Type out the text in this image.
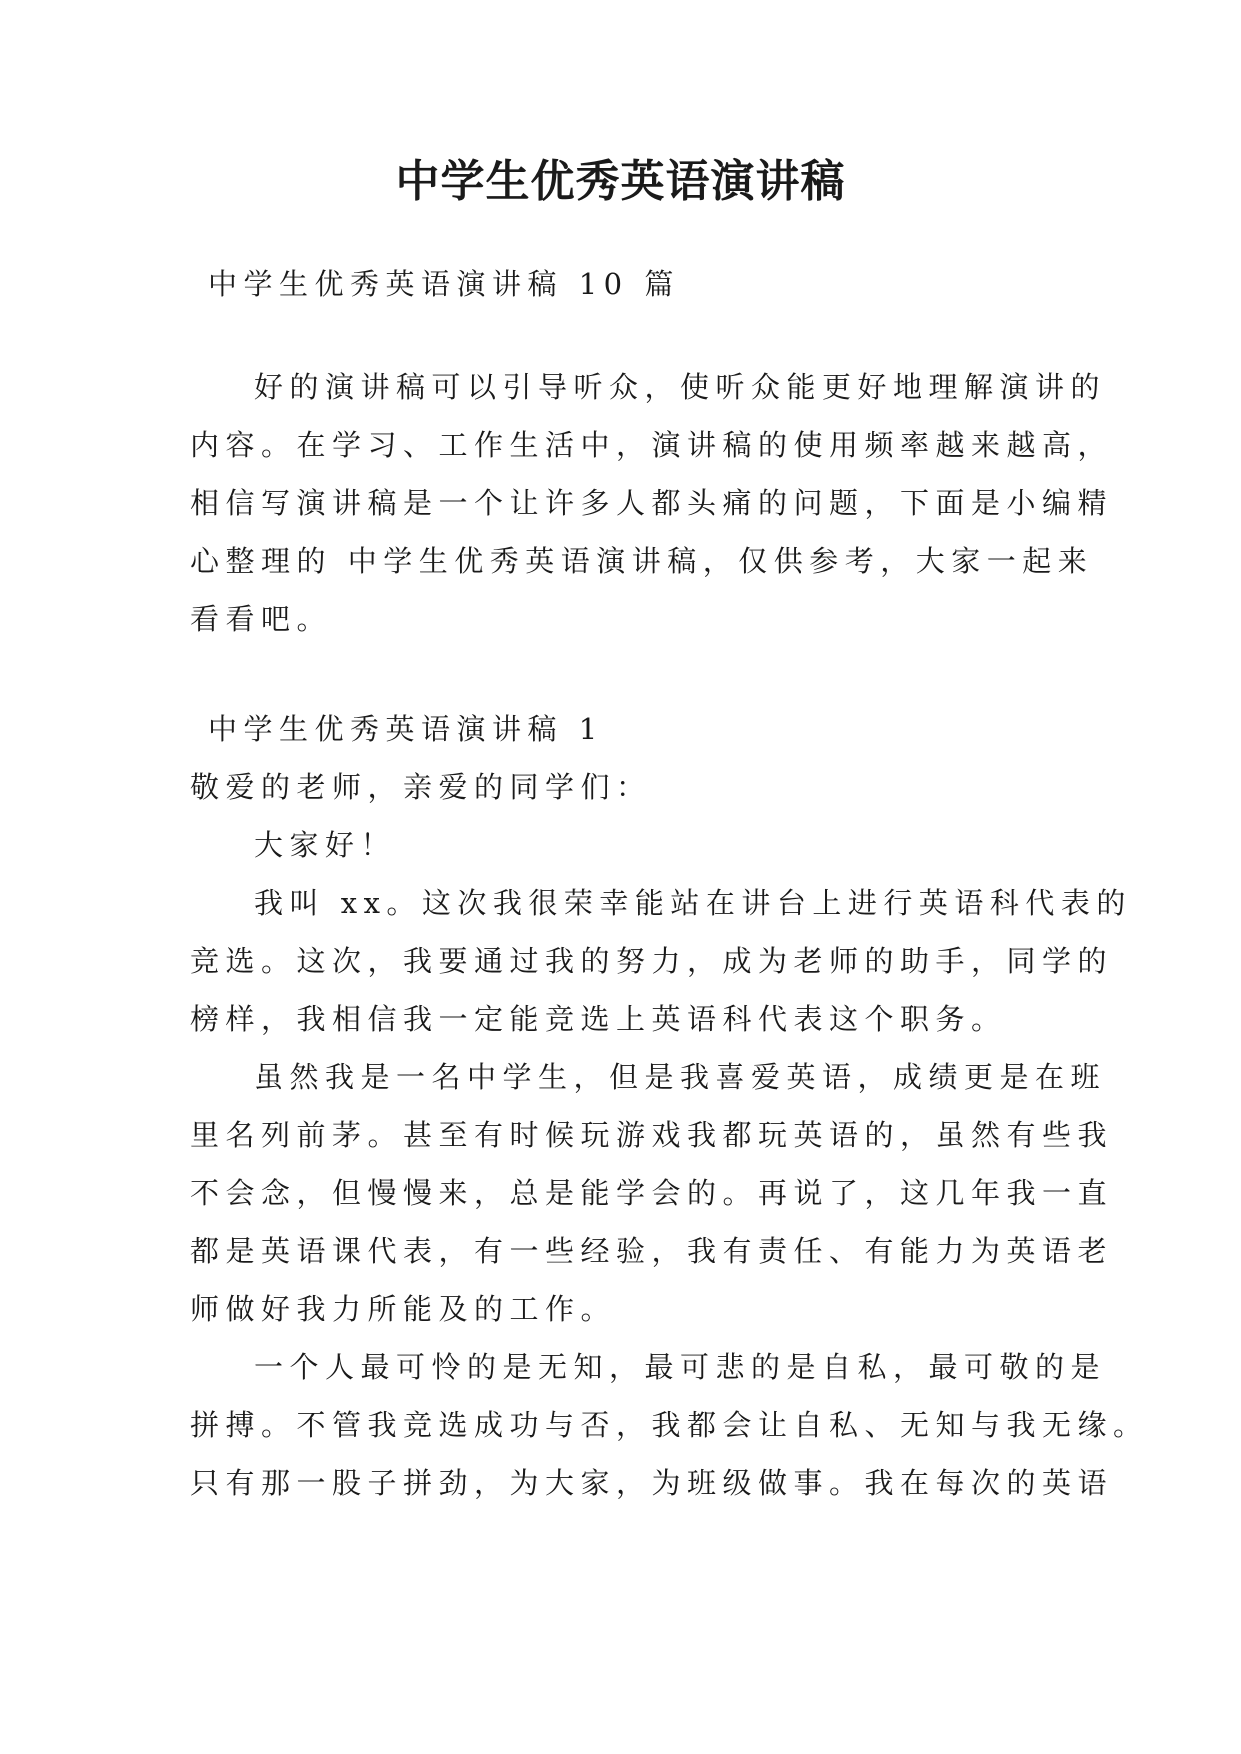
中学生优秀英语演讲稿
中学生优秀英语演讲稿 10 篇
好的演讲稿可以引导听众，使听众能更好地理解演讲的
内容。在学习、工作生活中，演讲稿的使用频率越来越高，
相信写演讲稿是一个让许多人都头痛的问题，下面是小编精
心整理的 中学生优秀英语演讲稿，仅供参考，大家一起来
看看吧。
中学生优秀英语演讲稿 1
敬爱的老师，亲爱的同学们：
大家好！
我叫 xx。这次我很荣幸能站在讲台上进行英语科代表的
竞选。这次，我要通过我的努力，成为老师的助手，同学的
榜样，我相信我一定能竞选上英语科代表这个职务。
虽然我是一名中学生，但是我喜爱英语，成绩更是在班
里名列前茅。甚至有时候玩游戏我都玩英语的，虽然有些我
不会念，但慢慢来，总是能学会的。再说了，这几年我一直
都是英语课代表，有一些经验，我有责任、有能力为英语老
师做好我力所能及的工作。
一个人最可怜的是无知，最可悲的是自私，最可敬的是
拼搏。不管我竞选成功与否，我都会让自私、无知与我无缘。
只有那一股子拼劲，为大家，为班级做事。我在每次的英语
